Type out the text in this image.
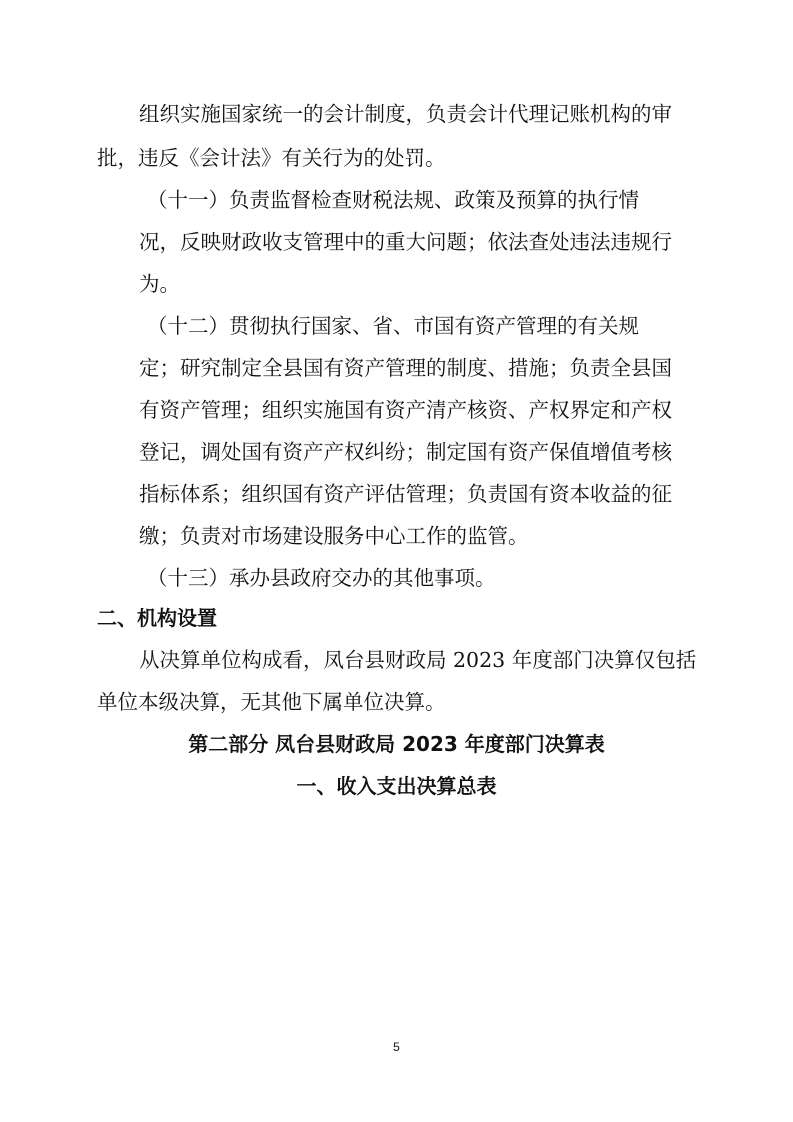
组织实施国家统一的会计制度，负责会计代理记账机构的审
批，违反《会计法》有关行为的处罚。
（十一）负责监督检查财税法规、政策及预算的执行情
况，反映财政收支管理中的重大问题；依法查处违法违规行
为。
（十二）贯彻执行国家、省、市国有资产管理的有关规
定；研究制定全县国有资产管理的制度、措施；负责全县国
有资产管理；组织实施国有资产清产核资、产权界定和产权
登记，调处国有资产产权纠纷；制定国有资产保值增值考核
指标体系；组织国有资产评估管理；负责国有资本收益的征
缴；负责对市场建设服务中心工作的监管。
（十三）承办县政府交办的其他事项。
二、机构设置
从决算单位构成看，凤台县财政局 2023 年度部门决算仅包括
单位本级决算，无其他下属单位决算。
第二部分 凤台县财政局 2023 年度部门决算表
一、收入支出决算总表
5
